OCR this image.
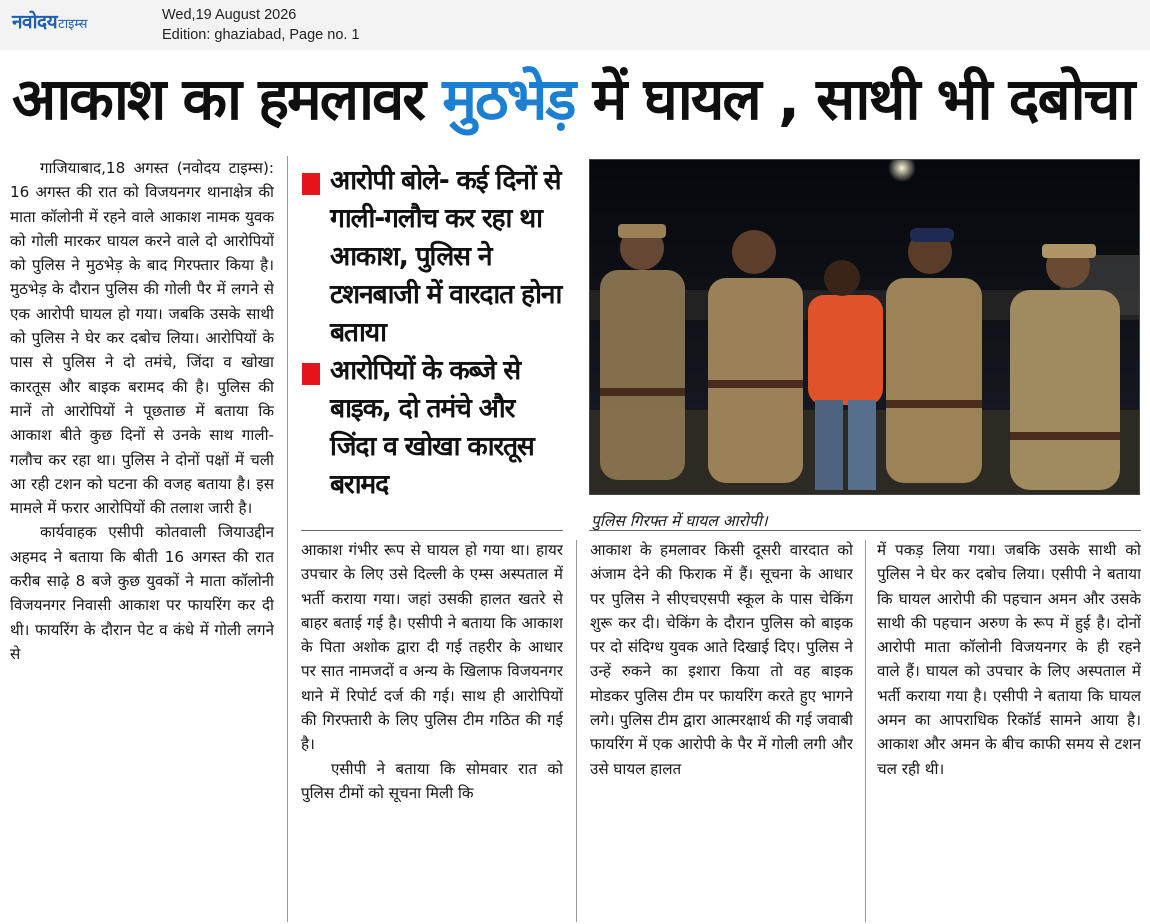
नवोदय टाइम्स
Wed,19 August 2026
Edition: ghaziabad, Page no. 1
आकाश का हमलावर मुठभेड़ में घायल , साथी भी दबोचा

गाजियाबाद,18 अगस्त (नवोदय टाइम्स): 16 अगस्त की रात को विजयनगर थानाक्षेत्र की माता कॉलोनी में रहने वाले आकाश नामक युवक को गोली मारकर घायल करने वाले दो आरोपियों को पुलिस ने मुठभेड़ के बाद गिरफ्तार किया है। मुठभेड़ के दौरान पुलिस की गोली पैर में लगने से एक आरोपी घायल हो गया। जबकि उसके साथी को पुलिस ने घेर कर दबोच लिया। आरोपियों के पास से पुलिस ने दो तमंचे, जिंदा व खोखा कारतूस और बाइक बरामद की है। पुलिस की मानें तो आरोपियों ने पूछताछ में बताया कि आकाश बीते कुछ दिनों से उनके साथ गाली-गलौच कर रहा था। पुलिस ने दोनों पक्षों में चली आ रही टशन को घटना की वजह बताया है। इस मामले में फरार आरोपियों की तलाश जारी है।

कार्यवाहक एसीपी कोतवाली जियाउद्दीन अहमद ने बताया कि बीती 16 अगस्त की रात करीब साढ़े 8 बजे कुछ युवकों ने माता कॉलोनी विजयनगर निवासी आकाश पर फायरिंग कर दी थी। फायरिंग के दौरान पेट व कंधे में गोली लगने से

आरोपी बोले- कई दिनों से गाली-गलौच कर रहा था आकाश, पुलिस ने टशनबाजी में वारदात होना बताया
आरोपियों के कब्जे से बाइक, दो तमंचे और जिंदा व खोखा कारतूस बरामद
पुलिस गिरफ्त में घायल आरोपी।

आकाश गंभीर रूप से घायल हो गया था। हायर उपचार के लिए उसे दिल्ली के एम्स अस्पताल में भर्ती कराया गया। जहां उसकी हालत खतरे से बाहर बताई गई है। एसीपी ने बताया कि आकाश के पिता अशोक द्वारा दी गई तहरीर के आधार पर सात नामजदों व अन्य के खिलाफ विजयनगर थाने में रिपोर्ट दर्ज की गई। साथ ही आरोपियों की गिरफ्तारी के लिए पुलिस टीम गठित की गई है।

एसीपी ने बताया कि सोमवार रात को पुलिस टीमों को सूचना मिली कि

आकाश के हमलावर किसी दूसरी वारदात को अंजाम देने की फिराक में हैं। सूचना के आधार पर पुलिस ने सीएचएसपी स्कूल के पास चेकिंग शुरू कर दी। चेकिंग के दौरान पुलिस को बाइक पर दो संदिग्ध युवक आते दिखाई दिए। पुलिस ने उन्हें रुकने का इशारा किया तो वह बाइक मोडकर पुलिस टीम पर फायरिंग करते हुए भागने लगे। पुलिस टीम द्वारा आत्मरक्षार्थ की गई जवाबी फायरिंग में एक आरोपी के पैर में गोली लगी और उसे घायल हालत

में पकड़ लिया गया। जबकि उसके साथी को पुलिस ने घेर कर दबोच लिया। एसीपी ने बताया कि घायल आरोपी की पहचान अमन और उसके साथी की पहचान अरुण के रूप में हुई है। दोनों आरोपी माता कॉलोनी विजयनगर के ही रहने वाले हैं। घायल को उपचार के लिए अस्पताल में भर्ती कराया गया है। एसीपी ने बताया कि घायल अमन का आपराधिक रिकॉर्ड सामने आया है। आकाश और अमन के बीच काफी समय से टशन चल रही थी।
